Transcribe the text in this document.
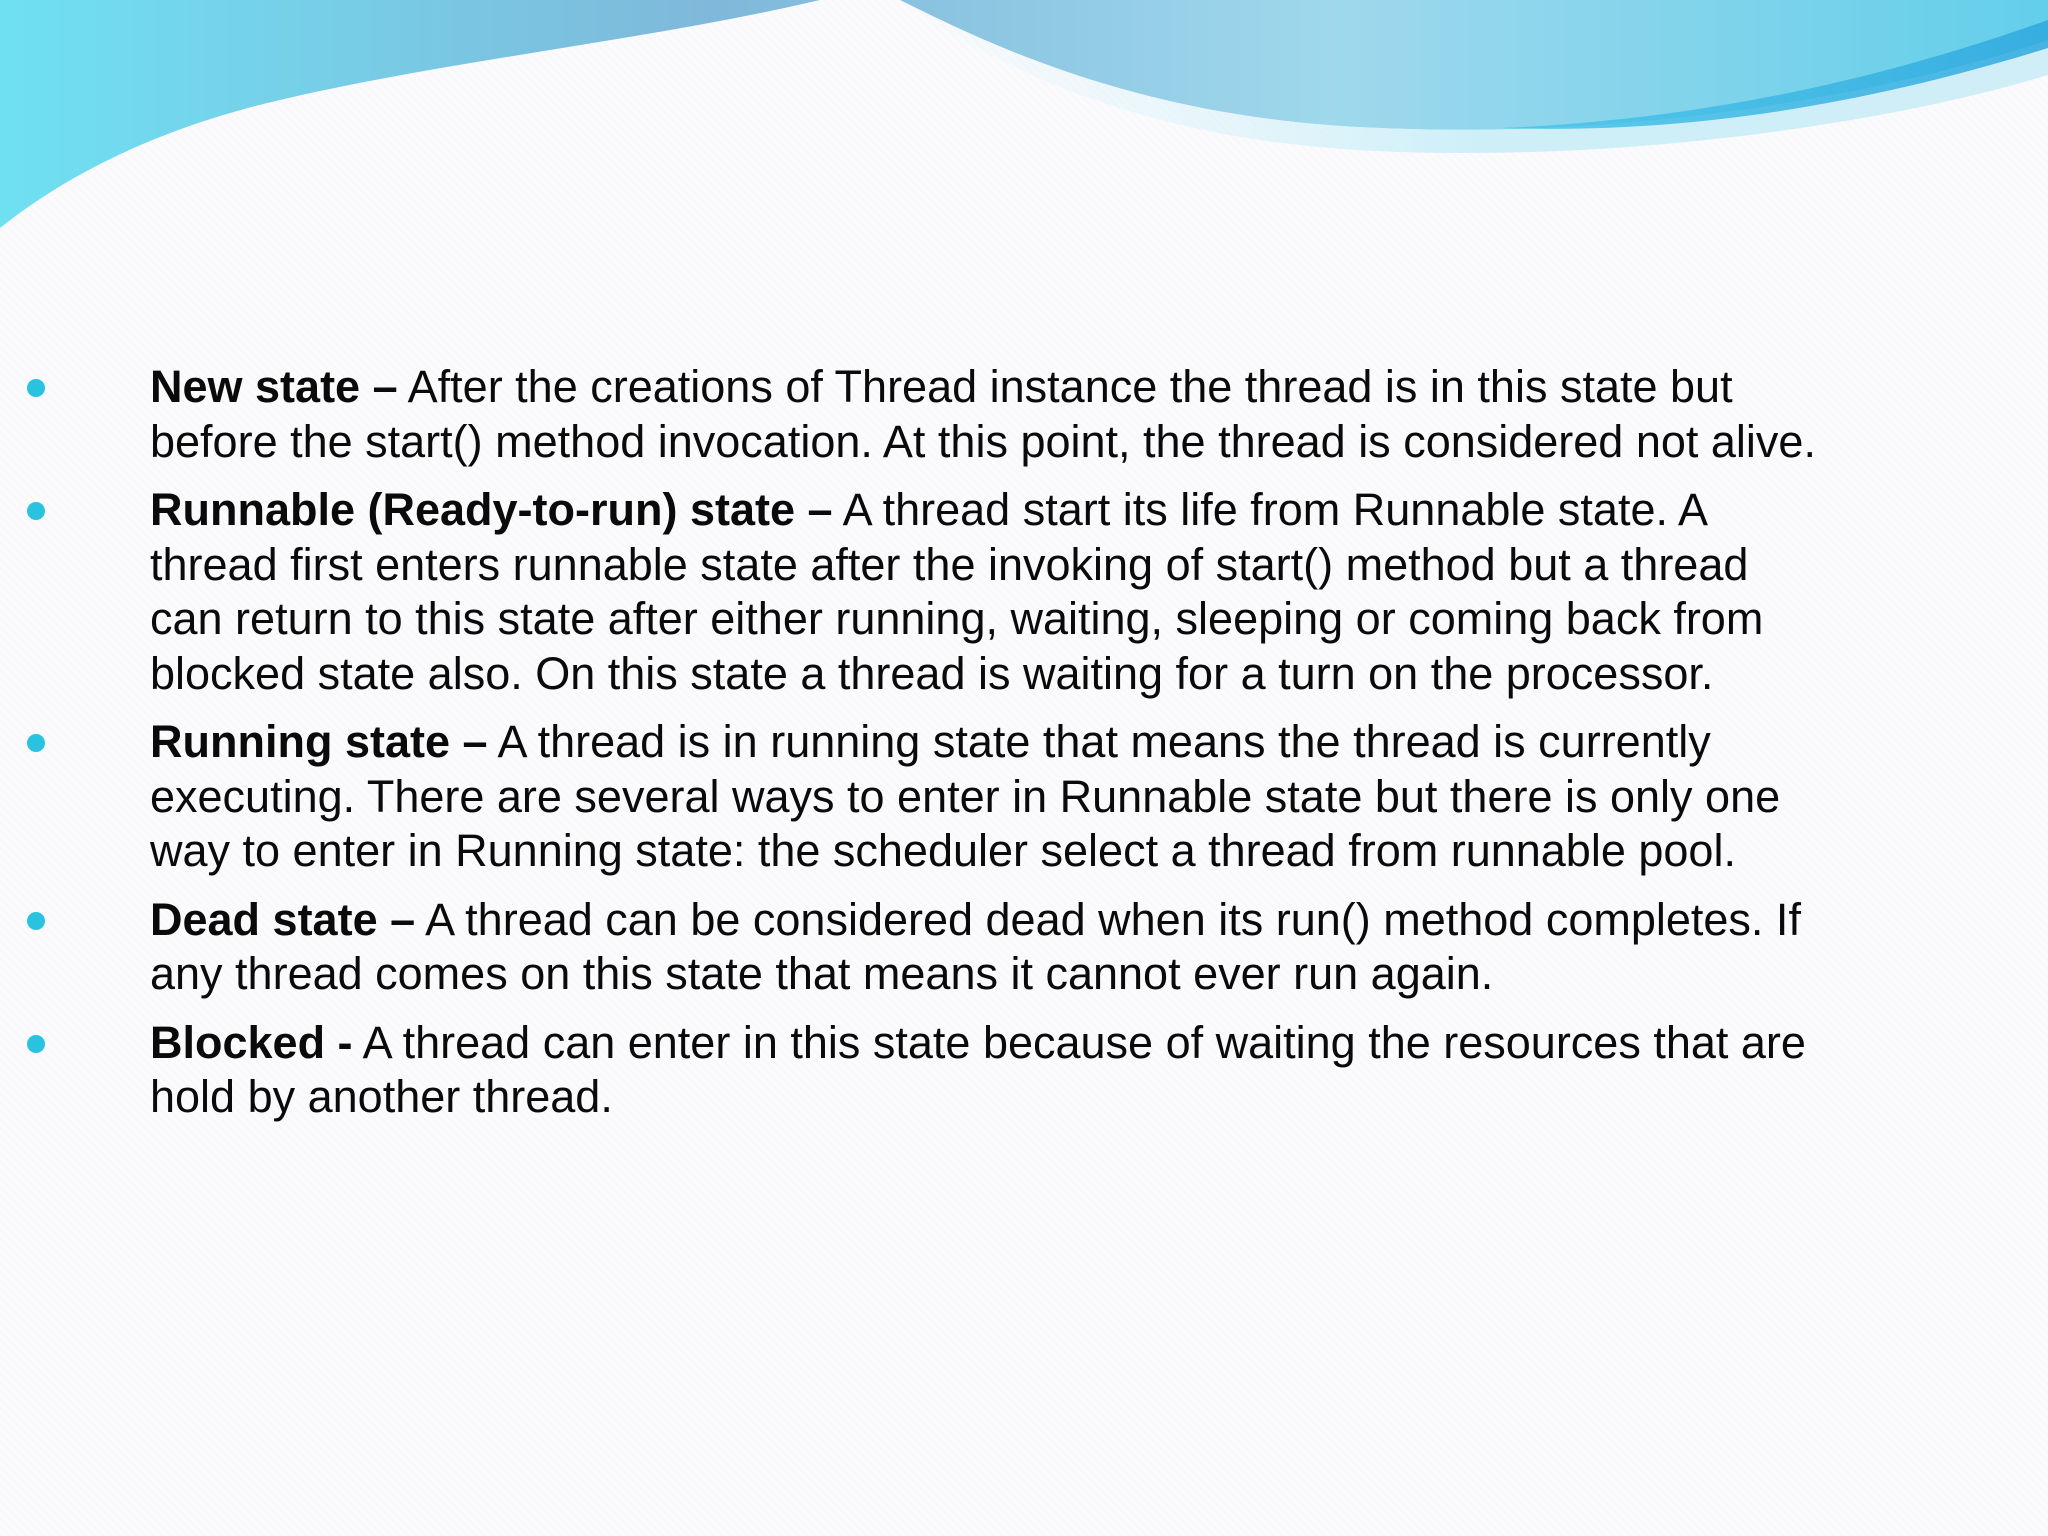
New state – After the creations of Thread instance the thread is in this state but before the start() method invocation. At this point, the thread is considered not alive.
Runnable (Ready-to-run) state – A thread start its life from Runnable state. A thread first enters runnable state after the invoking of start() method but a thread can return to this state after either running, waiting, sleeping or coming back from blocked state also. On this state a thread is waiting for a turn on the processor.
Running state – A thread is in running state that means the thread is currently executing. There are several ways to enter in Runnable state but there is only one way to enter in Running state: the scheduler select a thread from runnable pool.
Dead state – A thread can be considered dead when its run() method completes. If any thread comes on this state that means it cannot ever run again.
Blocked - A thread can enter in this state because of waiting the resources that are hold by another thread.
